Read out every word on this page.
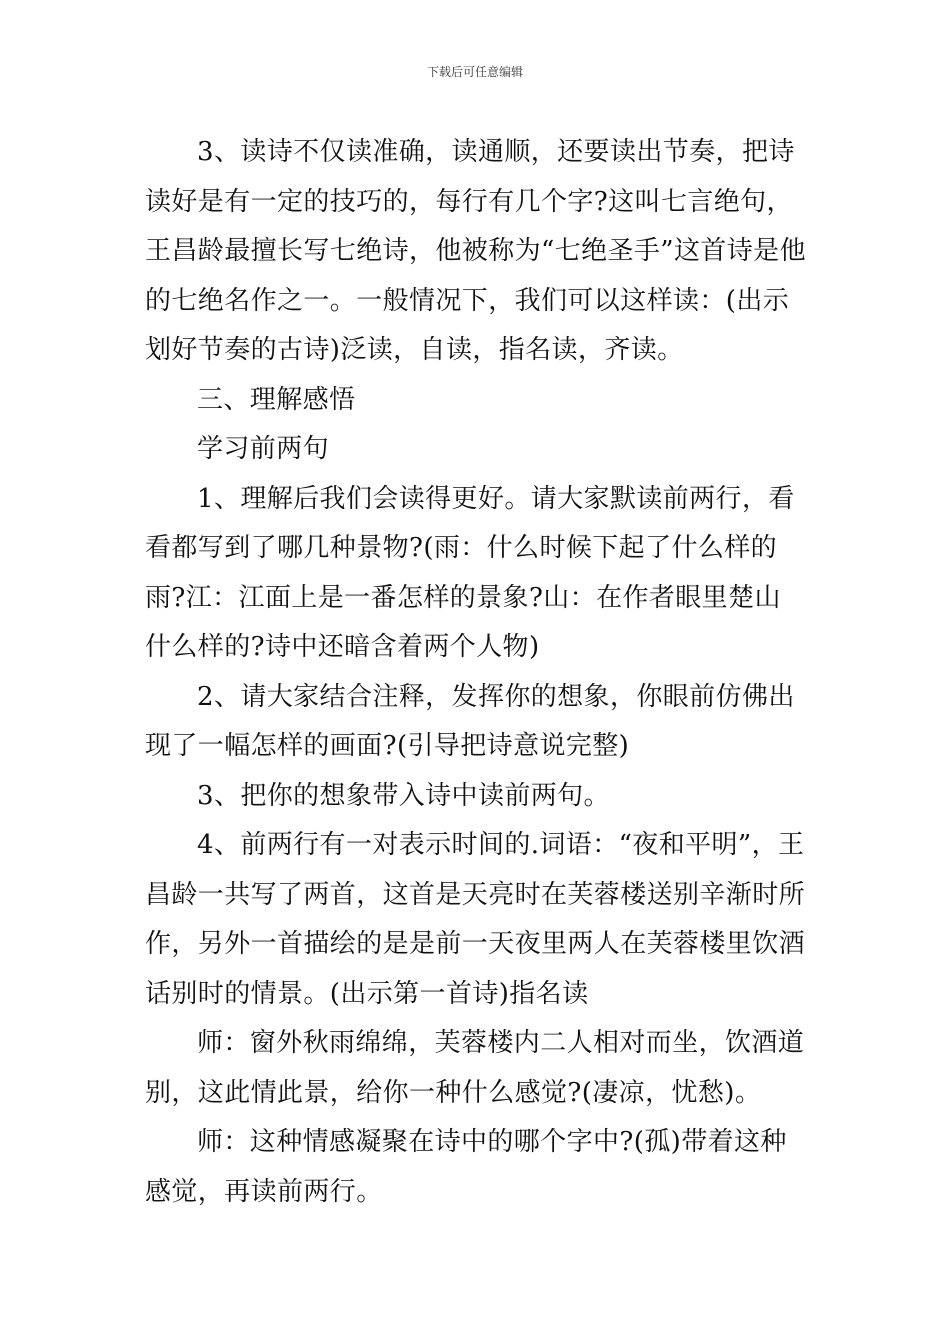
下载后可任意编辑

3、读诗不仅读准确，读通顺，还要读出节奏，把诗读好是有一定的技巧的，每行有几个字?这叫七言绝句，王昌龄最擅长写七绝诗，他被称为“七绝圣手”这首诗是他的七绝名作之一。一般情况下，我们可以这样读：(出示划好节奏的古诗)泛读，自读，指名读，齐读。

三、理解感悟

学习前两句

1、理解后我们会读得更好。请大家默读前两行，看看都写到了哪几种景物?(雨：什么时候下起了什么样的雨?江：江面上是一番怎样的景象?山：在作者眼里楚山什么样的?诗中还暗含着两个人物)

2、请大家结合注释，发挥你的想象，你眼前仿佛出现了一幅怎样的画面?(引导把诗意说完整)

3、把你的想象带入诗中读前两句。

4、前两行有一对表示时间的.词语：“夜和平明”，王昌龄一共写了两首，这首是天亮时在芙蓉楼送别辛渐时所作，另外一首描绘的是是前一天夜里两人在芙蓉楼里饮酒话别时的情景。(出示第一首诗)指名读

师：窗外秋雨绵绵，芙蓉楼内二人相对而坐，饮酒道别，这此情此景，给你一种什么感觉?(凄凉，忧愁)。

师：这种情感凝聚在诗中的哪个字中?(孤)带着这种感觉，再读前两行。
